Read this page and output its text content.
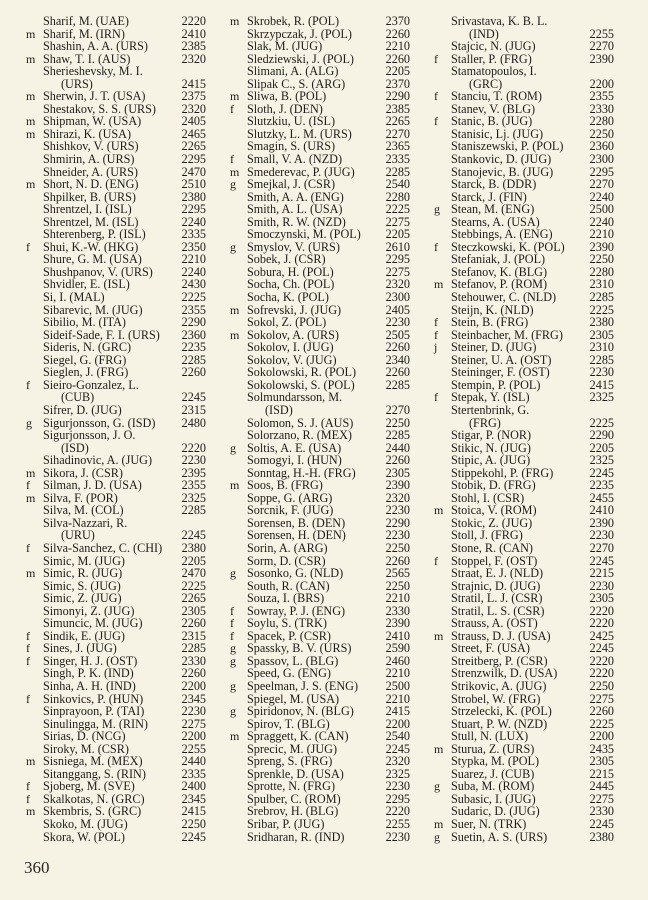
Sharif, M. (UAE)	2220
m Sharif, M. (IRN)	2410
Shashin, A. A. (URS)	2385
m Shaw, T. I. (AUS)	2320
Sherieshevsky, M. I.
(URS)	2415
m Sherwin, J. T. (USA)	2375
Shestakov, S. S. (URS) 2320
m Shipman, W. (USA)	2405
m Shirazi, K. (USA)	2465
Shishkov, V. (URS)	2265
Shmirin, A. (URS)	2295
Shneider, A. (URS)	2470
m Short, N. D. (ENG)	2510
Shpilker, B. (URS)	2380
Shrentzel, I. (ISL)	2295
Shrentzel, M. (ISL)	2240
Shterenberg, P. (ISL)	2335
f	Shui, K.-W. (HKG)	2350
Shure, G. M. (USA)	2210
Shushpanov, V. (URS) 2240
Shvidler, E. (ISL)	2430
Si, I. (MAL)	2225
Sibarevic, M. (JUG)	2355
Sibilio, M. (ITA)	2290
Sideif-Sade, F. I. (URS) 2360
Sideris, N. (GRC)	2235
Siegel, G. (FRG)	2285
Sieglen, J. (FRG)	2260
f	Sieiro-Gonzalez, L.
(CUB)	2245
Sifrer, D. (JUG)	2315
g Sigurjonsson, G. (ISD) 2480
Sigurjonsson, J. O.
(ISD)	2220
Sihadinovic, A. (JUG) 2230
m Sikora, J. (CSR)	2395
f	Silman, J. D. (USA)	2355
m Silva, F. (POR)	2325
Silva, M. (COL)	2285
Silva-Nazzari, R.
(URU)	2245
f	Silva-Sanchez, C. (CHI) 2380
Simic, M. (JUG)	2205
m Simic, R. (JUG)	2470
Simic, S. (JUG)	2225
Simic, Z. (JUG)	2265
Simonyi, Z. (JUG)	2305
Simuncic, M. (JUG)	2260
f	Sindik, E. (JUG)	2315
f	Sines, J. (JUG)	2285
f	Singer, H. J. (OST)	2330
Singh, P. K. (IND)	2260
Sinha, A. H. (IND)	2200
f	Sinkovics, P. (HUN)	2345
Sinprayoon, P. (TAI)	2230
Sinulingga, M. (RIN)	2275
Sirias, D. (NCG)	2200
Siroky, M. (CSR)	2255
m Sisniega, M. (MEX)	2440
Sitanggang, S. (RIN)	2335
f	Sjoberg, M. (SVE)	2400
f	Skalkotas, N. (GRC)	2345
m Skembris, S. (GRC)	2415
Skoko, M. (JUG)	2250
Skora, W. (POL)	2245
m Skrobek, R. (POL)	2370
Skrzypczak, J. (POL)	2260
Slak, M. (JUG)	2210
Sledziewski, J. (POL)	2260
Slimani, A. (ALG)	2205
Slipak C., S. (ARG)	2370
m Sliwa, B. (POL)	2290
f	Sloth, J. (DEN)	2385
Slutzkiu, U. (ISL)	2265
Slutzky, L. M. (URS)	2270
Smagin, S. (URS)	2365
f	Small, V. A. (NZD)	2335
m Smederevac, P. (JUG)	2285
g Smejkal, J. (CSR)	2540
Smith, A. A. (ENG)	2280
Smith, A. L. (USA)	2225
Smith, R. W. (NZD)	2275
Smoczynski, M. (POL) 2205
g Smyslov, V. (URS)	2610
Sobek, J. (CSR)	2295
Sobura, H. (POL)	2275
Socha, Ch. (POL)	2320
Socha, K. (POL)	2300
m Sofrevski, J. (JUG)	2405
Sokol, Z. (POL)	2230
m Sokolov, A. (URS)	2505
Sokolov, I. (JUG)	2260
Sokolov, V. (JUG)	2340
Sokolowski, R. (POL) 2260
Sokolowski, S. (POL)	2285
Solmundarsson, M.
(ISD)	2270
Solomon, S. J. (AUS)	2250
Solorzano, R. (MEX)	2285
g Soltis, A. E. (USA)	2440
Somogyi, I. (HUN)	2260
Sonntag, H.-H. (FRG) 2305
m Soos, B. (FRG)	2390
Soppe, G. (ARG)	2320
Sorcnik, F. (JUG)	2230
Sorensen, B. (DEN)	2290
Sorensen, H. (DEN)	2230
Sorin, A. (ARG)	2250
Sorm, D. (CSR)	2260
g Sosonko, G. (NLD)	2565
South, R. (CAN)	2250
Souza, I. (BRS)	2210
f	Sowray, P. J. (ENG)	2330
f	Soylu, S. (TRK)	2390
f	Spacek, P. (CSR)	2410
g Spassky, B. V. (URS)	2590
g Spassov, L. (BLG)	2460
Speed, G. (ENG)	2210
g Speelman, J. S. (ENG) 2500
Spiegel, M. (USA)	2210
g Spiridonov, N. (BLG)	2415
Spirov, T. (BLG)	2200
m Spraggett, K. (CAN)	2540
Sprecic, M. (JUG)	2245
Spreng, S. (FRG)	2320
Sprenkle, D. (USA)	2325
Sprotte, N. (FRG)	2230
Spulber, C. (ROM)	2295
Srebrov, H. (BLG)	2220
Sribar, P. (JUG)	2255
Sridharan, R. (IND)	2230
Srivastava, K. B. L.
(IND)	2255
Stajcic, N. (JUG)	2270
f	Staller, P. (FRG)	2390
Stamatopoulos, I.
(GRC)	2200
f	Stanciu, T. (ROM)	2355
Stanev, V. (BLG)	2330
f	Stanic, B. (JUG)	2280
Stanisic, Lj. (JUG)	2250
Staniszewski, P. (POL) 2360
Stankovic, D. (JUG)	2300
Stanojevic, B. (JUG)	2295
Starck, B. (DDR)	2270
Starck, J. (FIN)	2240
g Stean, M. (ENG)	2500
Stearns, A. (USA)	2240
Stebbings, A. (ENG)	2210
f	Steczkowski, K. (POL) 2390
Stefaniak, J. (POL)	2250
Stefanov, K. (BLG)	2280
m Stefanov, P. (ROM)	2310
Stehouwer, C. (NLD)	2285
Steijn, K. (NLD)	2225
f	Stein, B. (FRG)	2380
f	Steinbacher, M. (FRG) 2305
j	Steiner, D. (JUG)	2310
Steiner, U. A. (OST)	2285
Steininger, F. (OST)	2230
Stempin, P. (POL)	2415
f	Stepak, Y. (ISL)	2325
Stertenbrink, G.
(FRG)	2225
Stigar, P. (NOR)	2290
Stikic, N. (JUG)	2205
Stipic, A. (JUG)	2325
Stippekohl, P. (FRG)	2245
Stobik, D. (FRG)	2235
Stohl, I. (CSR)	2455
m Stoica, V. (ROM)	2410
Stokic, Z. (JUG)	2390
Stoll, J. (FRG)	2230
Stone, R. (CAN)	2270
f	Stoppel, F. (OST)	2245
Straat, E. J. (NLD)	2215
Strajnic, D. (JUG)	2230
Stratil, L. J. (CSR)	2305
Stratil, L. S. (CSR)	2220
Strauss, A. (OST)	2220
m Strauss, D. J. (USA)	2425
Street, F. (USA)	2245
Streitberg, P. (CSR)	2220
Strenzwilk, D. (USA)	2220
Strikovic, A. (JUG)	2250
Strobel, W. (FRG)	2275
Strzelecki, K. (POL)	2260
Stuart, P. W. (NZD)	2225
Stull, N. (LUX)	2200
m Sturua, Z. (URS)	2435
Stypka, M. (POL)	2305
Suarez, J. (CUB)	2215
g Suba, M. (ROM)	2445
Subasic, I. (JUG)	2275
Sudaric, D. (JUG)	2330
m Suer, N. (TRK)	2245
g Suetin, A. S. (URS)	2380
360
